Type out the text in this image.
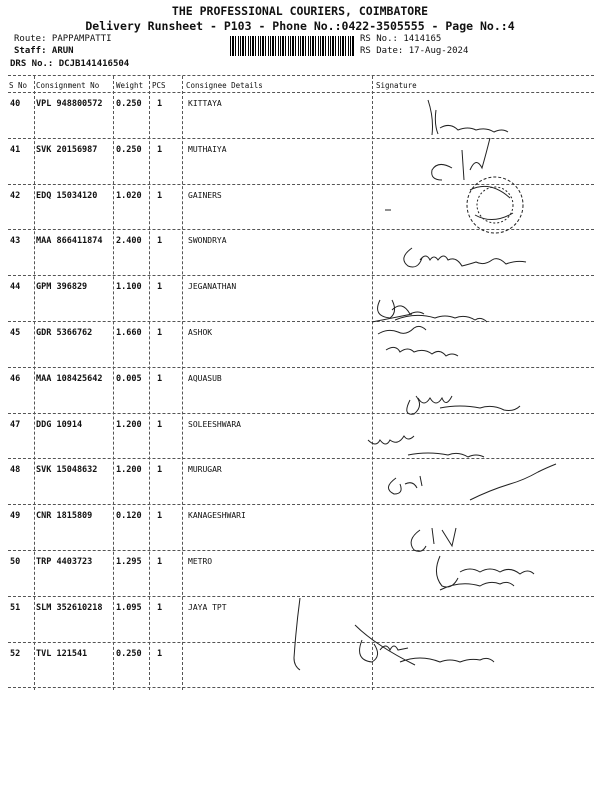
THE PROFESSIONAL COURIERS, COIMBATORE
Delivery Runsheet - P103 - Phone No.:0422-3505555 - Page No.:4
Route: PAPPAMPATTI
Staff: ARUN
DRS No.: DCJB141416504
RS No.: 1414165
RS Date: 17-Aug-2024
S No Consignment No Weight PCS	Consignee Details	Signature
40 VPL 948800572 0.250 1	KITTAYA
41 SVK 20156987 0.250 1	MUTHAIYA
42 EDQ 15034120 1.020 1	GAINERS
43 MAA 866411874 2.400 1	SWONDRYA
44 GPM 396829	1.100 1	JEGANATHAN
45 GDR 5366762	1.660 1	ASHOK
46 MAA 108425642 0.005 1	AQUASUB
47 DDG 10914	1.200 1	SOLEESHWARA
48 SVK 15048632 1.200 1	MURUGAR
49 CNR 1815809	0.120 1	KANAGESHWARI
50 TRP 4403723	1.295 1	METRO
51 SLM 352610218 1.095 1	JAYA TPT
52 TVL 121541	0.250 1
